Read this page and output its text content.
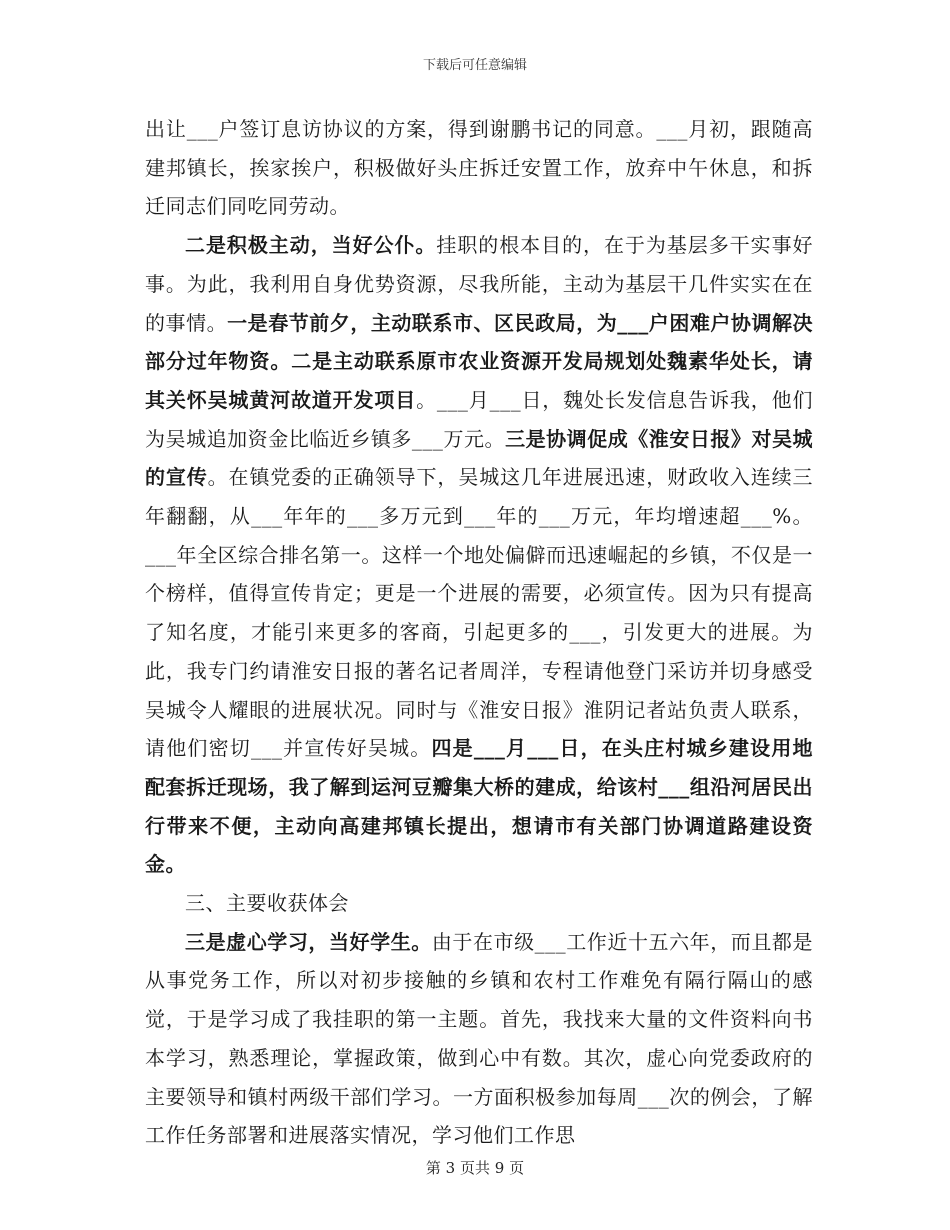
下载后可任意编辑

出让___户签订息访协议的方案，得到谢鹏书记的同意。___月初，跟随高建邦镇长，挨家挨户，积极做好头庄拆迁安置工作，放弃中午休息，和拆迁同志们同吃同劳动。

二是积极主动，当好公仆。挂职的根本目的，在于为基层多干实事好事。为此，我利用自身优势资源，尽我所能，主动为基层干几件实实在在的事情。一是春节前夕，主动联系市、区民政局，为___户困难户协调解决部分过年物资。二是主动联系原市农业资源开发局规划处魏素华处长，请其关怀吴城黄河故道开发项目。___月___日，魏处长发信息告诉我，他们为吴城追加资金比临近乡镇多___万元。三是协调促成《淮安日报》对吴城的宣传。在镇党委的正确领导下，吴城这几年进展迅速，财政收入连续三年翻翻，从___年年的___多万元到___年的___万元，年均增速超___%。___年全区综合排名第一。这样一个地处偏僻而迅速崛起的乡镇，不仅是一个榜样，值得宣传肯定；更是一个进展的需要，必须宣传。因为只有提高了知名度，才能引来更多的客商，引起更多的___，引发更大的进展。为此，我专门约请淮安日报的著名记者周洋，专程请他登门采访并切身感受吴城令人耀眼的进展状况。同时与《淮安日报》淮阴记者站负责人联系，请他们密切___并宣传好吴城。四是___月___日，在头庄村城乡建设用地配套拆迁现场，我了解到运河豆瓣集大桥的建成，给该村___组沿河居民出行带来不便，主动向高建邦镇长提出，想请市有关部门协调道路建设资金。

三、主要收获体会

三是虚心学习，当好学生。由于在市级___工作近十五六年，而且都是从事党务工作，所以对初步接触的乡镇和农村工作难免有隔行隔山的感觉，于是学习成了我挂职的第一主题。首先，我找来大量的文件资料向书本学习，熟悉理论，掌握政策，做到心中有数。其次，虚心向党委政府的主要领导和镇村两级干部们学习。一方面积极参加每周___次的例会，了解工作任务部署和进展落实情况，学习他们工作思

第 3 页共 9 页
